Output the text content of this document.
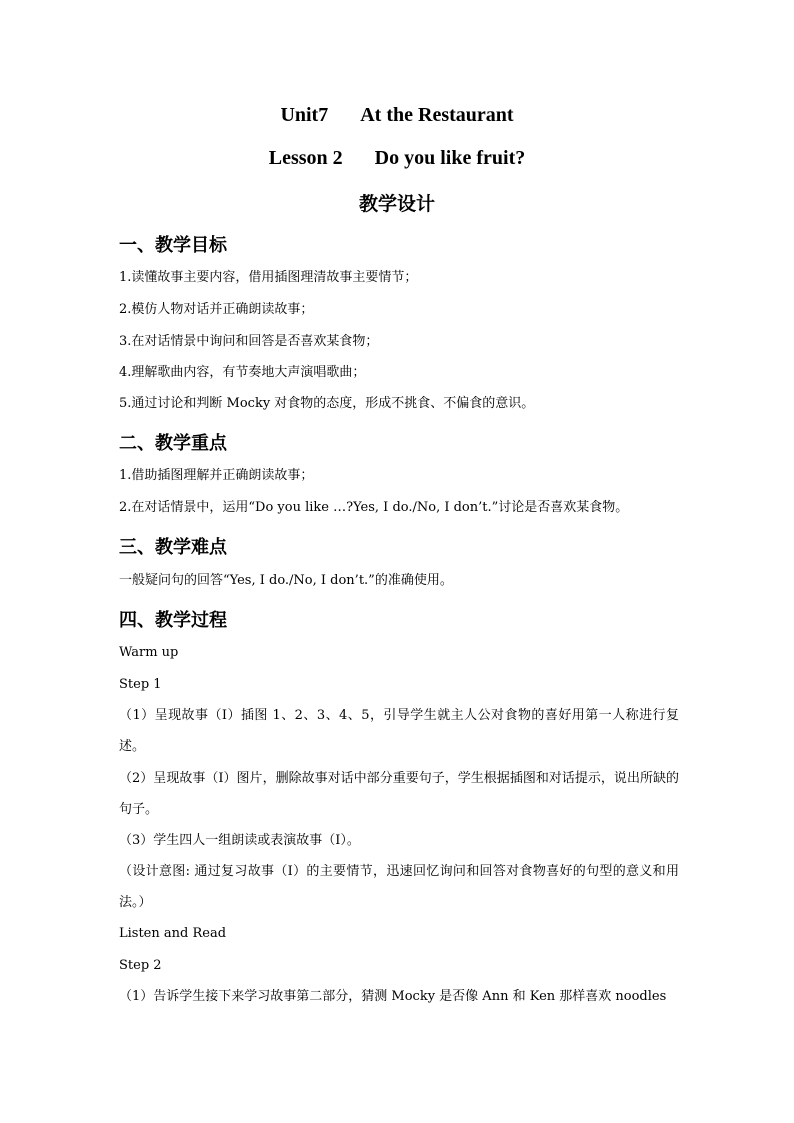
Unit7 At the Restaurant
Lesson 2 Do you like fruit?
教学设计
一、教学目标
1.读懂故事主要内容，借用插图理清故事主要情节；
2.模仿人物对话并正确朗读故事；
3.在对话情景中询问和回答是否喜欢某食物；
4.理解歌曲内容，有节奏地大声演唱歌曲；
5.通过讨论和判断 Mocky 对食物的态度，形成不挑食、不偏食的意识。
二、教学重点
1.借助插图理解并正确朗读故事；
2.在对话情景中，运用“Do you like …?Yes, I do./No, I don’t.”讨论是否喜欢某食物。
三、教学难点
一般疑问句的回答“Yes, I do./No, I don’t.”的准确使用。
四、教学过程
Warm up
Step 1
（1）呈现故事（Ⅰ）插图 1、2、3、4、5，引导学生就主人公对食物的喜好用第一人称进行复述。
（2）呈现故事（Ⅰ）图片，删除故事对话中部分重要句子，学生根据插图和对话提示，说出所缺的句子。
（3）学生四人一组朗读或表演故事（Ⅰ）。
（设计意图: 通过复习故事（Ⅰ）的主要情节，迅速回忆询问和回答对食物喜好的句型的意义和用法。）
Listen and Read
Step 2
（1）告诉学生接下来学习故事第二部分，猜测 Mocky 是否像 Ann 和 Ken 那样喜欢 noodles
